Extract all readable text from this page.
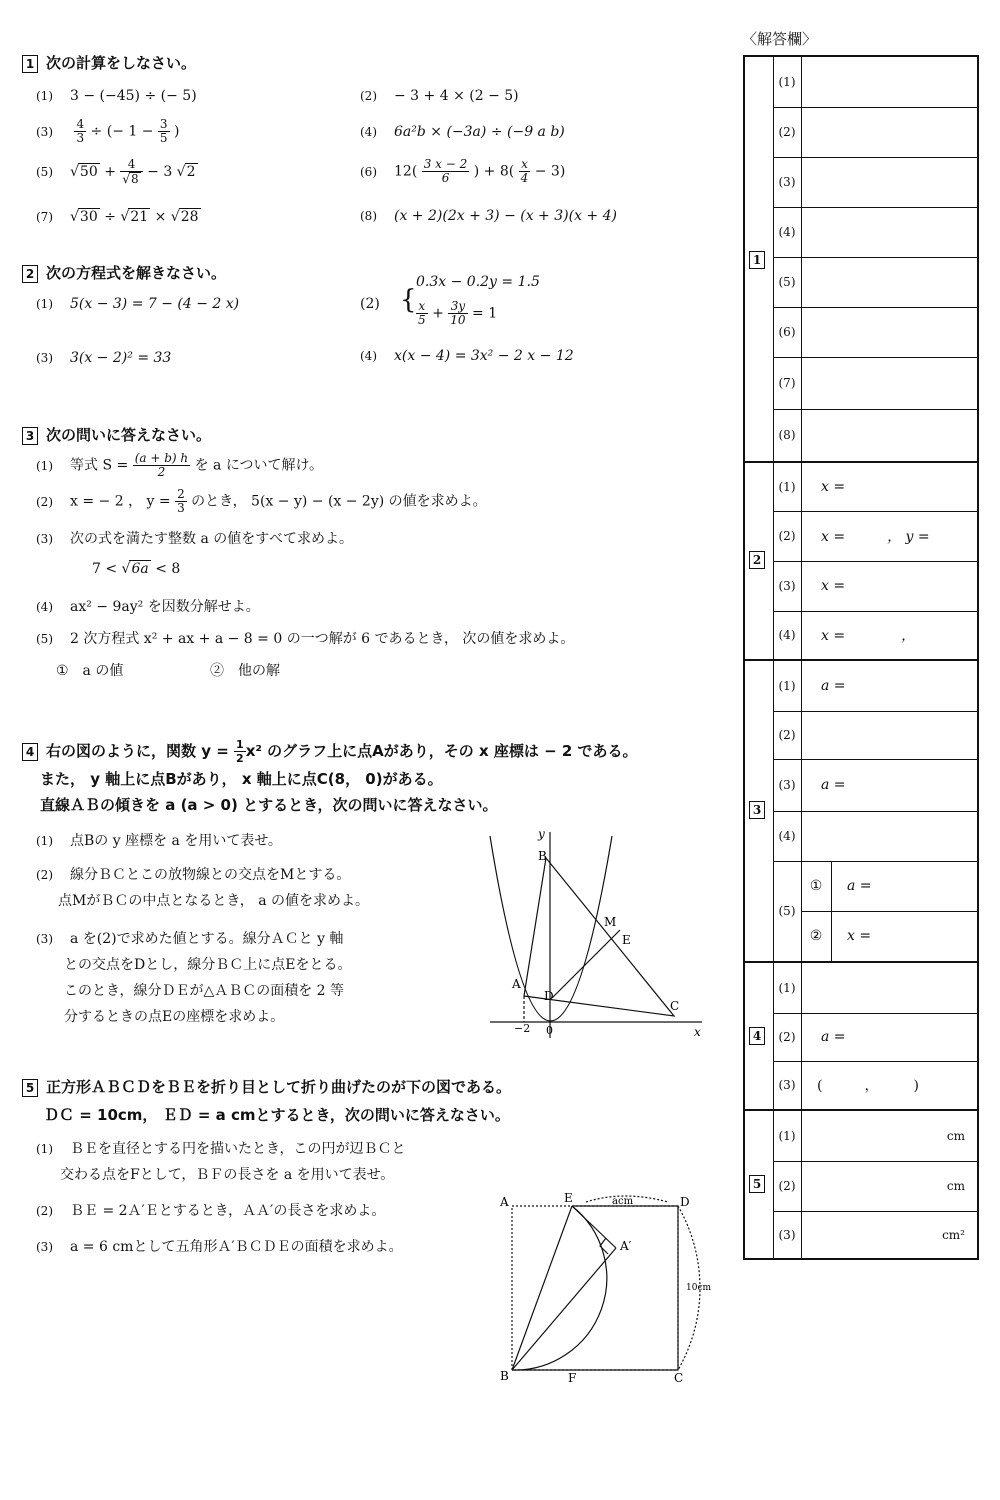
1 次の計算をしなさい。
(1) 3 − (−45) ÷ (− 5)	(2) − 3 + 4 × (2 − 5)
$(3) \frac{4}{3}$ ÷ (− $1 - \frac{3}{5}$ )	(4) 6a²b × (−3a) ÷ (−9 a b)
(5) $√50 + \frac{4}{√8} - 3$ √2	(6) $12( \frac{3 x - 2}{6}$ ) + $8( \frac{x}{4} - 3)$
(7) √30 ÷ √21 × √28	(8) (x + 2)(2x + 3) − (x + 3)(x + 4)
2 次の方程式を解きなさい。
(1) 5(x − 3) = 7 − (4 − 2 x)	(2) {
0.3x − 0.2y = 1.5
$\frac{x}{5} + \frac{3y}{10} = 1$
(3) 3(x − 2)² = 33	(4) x(x − 4) = 3x² − 2 x − 12
3 次の問いに答えなさい。
(1) 等式 $S = \frac{(a + b) h}{2}$ を a について解け。
(2) x = − 2 ， $y = \frac{2}{3}$ のとき， 5(x − y) − (x − 2y) の値を求めよ。
(3) 次の式を満たす整数 a の値をすべて求めよ。
7 < √6a < 8
(4) ax² − 9ay² を因数分解せよ。
(5) 2 次方程式 x² + ax + a − 8 = 0 の一つ解が 6 であるとき， 次の値を求めよ。
①　a の値	②　他の解
4 右の図のように，関数 $y = \frac{1}{2} x^2$ のグラフ上に点Aがあり，その x 座標は − 2 である。
また， y 軸上に点Bがあり， x 軸上に点C(8， 0)がある。
直線ＡＢの傾きを a (a > 0) とするとき，次の問いに答えなさい。
(1) 点Bの y 座標を a を用いて表せ。
(2) 線分ＢＣとこの放物線との交点をMとする。
点MがＢＣの中点となるとき， a の値を求めよ。
(3) a を(2)で求めた値とする。線分ＡＣと y 軸
との交点をDとし，線分ＢＣ上に点Eをとる。
このとき，線分ＤＥが△ＡＢＣの面積を 2 等
分するときの点Eの座標を求めよ。
y
x
B
A
D
M
E
C
−2 0
5 正方形ＡＢＣＤをＢＥを折り目として折り曲げたのが下の図である。
ＤＣ = 10cm， ＥＤ = a cmとするとき，次の問いに答えなさい。
(1) ＢＥを直径とする円を描いたとき，この円が辺ＢＣと
交わる点をFとして，ＢＦの長さを a を用いて表せ。
(2) ＢＥ = 2Ａ′Ｅとするとき，ＡＡ′の長さを求めよ。
(3) a = 6 cmとして五角形Ａ′ＢＣＤＥの面積を求めよ。
A	E	D
A′
B	F	C
acm
10cm
〈解答欄〉
1
(1)
(2)
(3)
(4)
(5)
(6)
(7)
(8)
2
(1)	x =
(2)	x =　　　， y =
(3)	x =
(4)	x =　　　　，
3
(1)	a =
(2)
(3)	a =
(4)
(5)
①	a =
②	x =
4
(1)
(2)	a =
(3)	(　　　，　　　)
5
(1)	cm
(2)	cm
(3)	cm²
